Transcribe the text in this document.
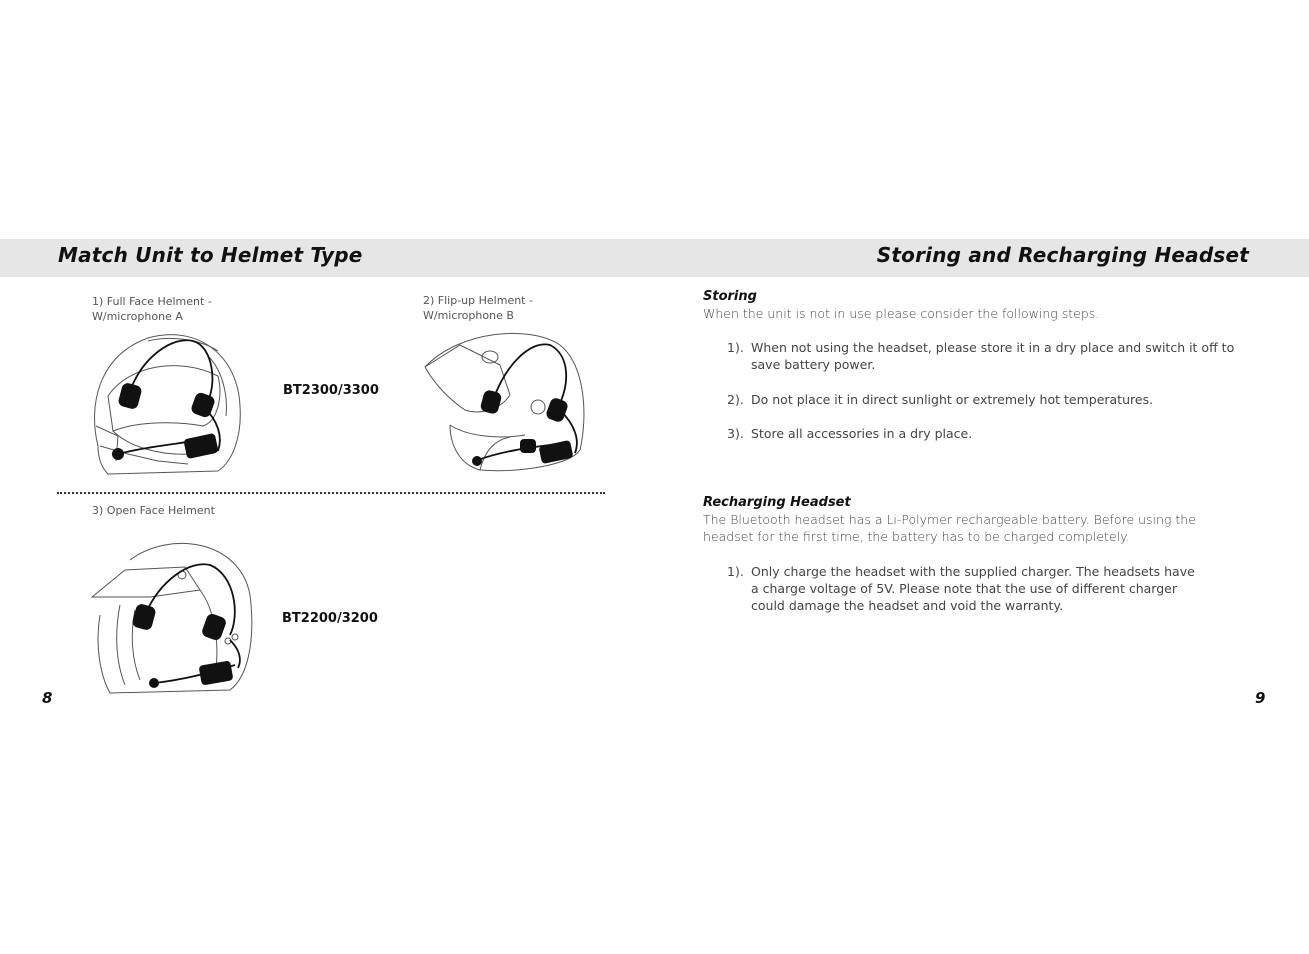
Match Unit to Helmet Type	Storing and Recharging Headset
1) Full Face Helment -
W/microphone A
BT2300/3300
2) Flip-up Helment -
W/microphone B
3) Open Face Helment
BT2200/3200
8
Storing
When the unit is not in use please consider the following steps.
1). When not using the headset, please store it in a dry place and switch it off to save battery power.
2). Do not place it in direct sunlight or extremely hot temperatures.
3). Store all accessories in a dry place.
Recharging Headset
The Bluetooth headset has a Li-Polymer rechargeable battery. Before using the headset for the first time, the battery has to be charged completely.
1). Only charge the headset with the supplied charger. The headsets have a charge voltage of 5V. Please note that the use of different charger could damage the headset and void the warranty.
9
